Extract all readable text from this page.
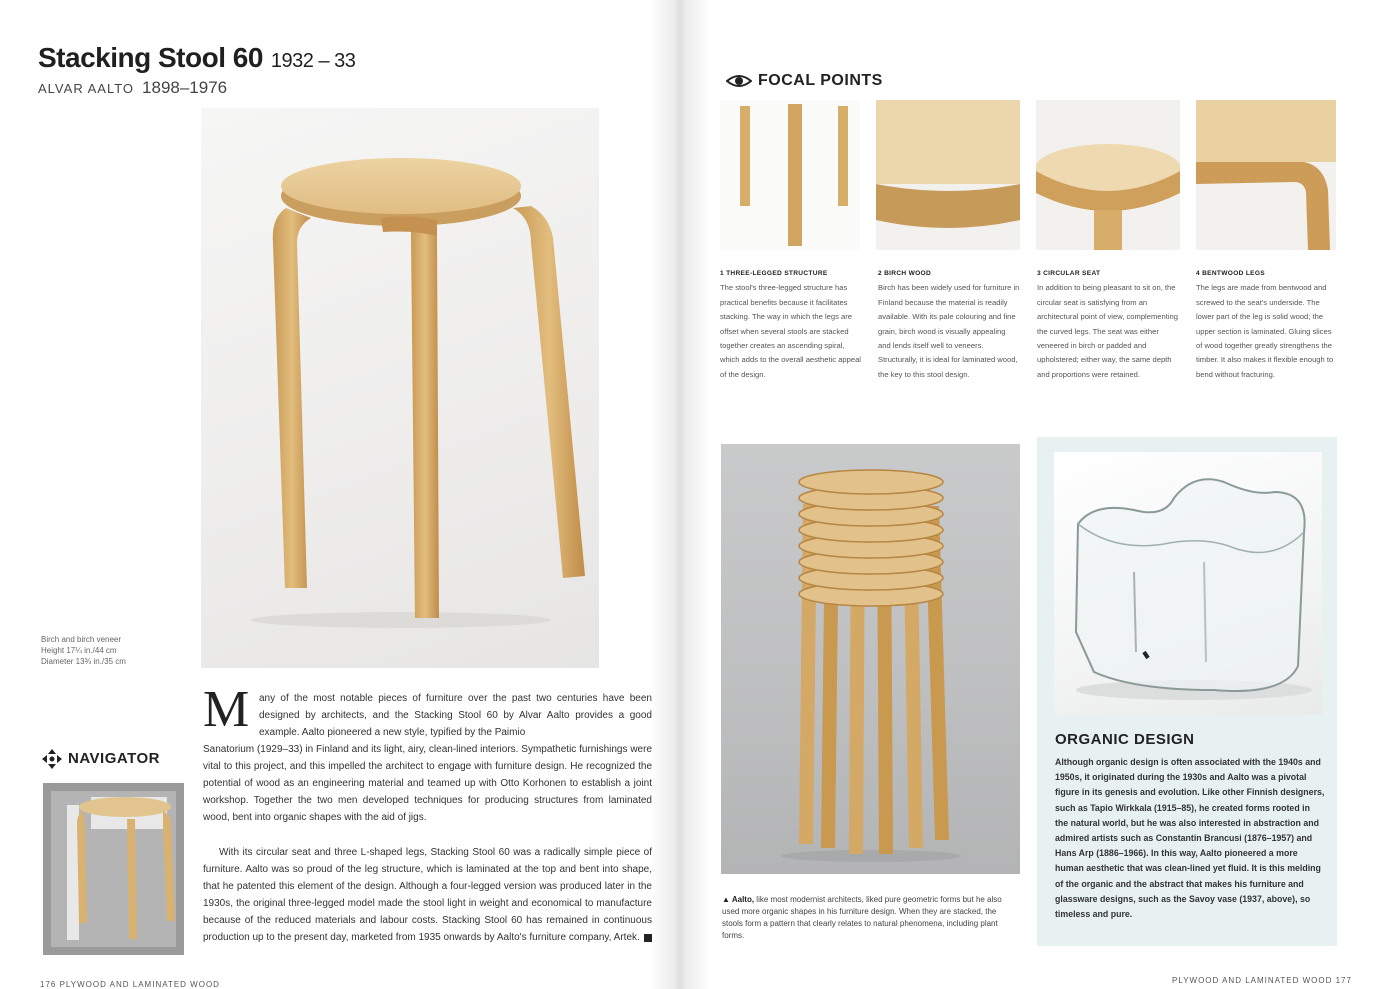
Stacking Stool 60 1932 – 33
ALVAR AALTO 1898–1976
Birch and birch veneer
Height 17¼ in./44 cm
Diameter 13¾ in./35 cm
NAVIGATOR
M any of the most notable pieces of furniture over the past two centuries have been designed by architects, and the Stacking Stool 60 by Alvar Aalto provides a good example. Aalto pioneered a new style, typified by the Paimio
Sanatorium (1929–33) in Finland and its light, airy, clean-lined interiors. Sympathetic furnishings were vital to this project, and this impelled the architect to engage with furniture design. He recognized the potential of wood as an engineering material and teamed up with Otto Korhonen to establish a joint workshop. Together the two men developed techniques for producing structures from laminated wood, bent into organic shapes with the aid of jigs.
With its circular seat and three L-shaped legs, Stacking Stool 60 was a radically simple piece of furniture. Aalto was so proud of the leg structure, which is laminated at the top and bent into shape, that he patented this element of the design. Although a four-legged version was produced later in the 1930s, the original three-legged model made the stool light in weight and economical to manufacture because of the reduced materials and labour costs. Stacking Stool 60 has remained in continuous production up to the present day, marketed from 1935 onwards by Aalto's furniture company, Artek.
176 PLYWOOD AND LAMINATED WOOD
FOCAL POINTS
1 THREE-LEGGED STRUCTURE
The stool's three-legged structure has practical benefits because it facilitates stacking. The way in which the legs are offset when several stools are stacked together creates an ascending spiral, which adds to the overall aesthetic appeal of the design.
2 BIRCH WOOD
Birch has been widely used for furniture in Finland because the material is readily available. With its pale colouring and fine grain, birch wood is visually appealing and lends itself well to veneers. Structurally, it is ideal for laminated wood, the key to this stool design.
3 CIRCULAR SEAT
In addition to being pleasant to sit on, the circular seat is satisfying from an architectural point of view, complementing the curved legs. The seat was either veneered in birch or padded and upholstered; either way, the same depth and proportions were retained.
4 BENTWOOD LEGS
The legs are made from bentwood and screwed to the seat's underside. The lower part of the leg is solid wood; the upper section is laminated. Gluing slices of wood together greatly strengthens the timber. It also makes it flexible enough to bend without fracturing.
▲ Aalto, like most modernist architects, liked pure geometric forms but he also used more organic shapes in his furniture design. When they are stacked, the stools form a pattern that clearly relates to natural phenomena, including plant forms.
ORGANIC DESIGN
Although organic design is often associated with the 1940s and 1950s, it originated during the 1930s and Aalto was a pivotal figure in its genesis and evolution. Like other Finnish designers, such as Tapio Wirkkala (1915–85), he created forms rooted in the natural world, but he was also interested in abstraction and admired artists such as Constantin Brancusi (1876–1957) and Hans Arp (1886–1966). In this way, Aalto pioneered a more human aesthetic that was clean-lined yet fluid. It is this melding of the organic and the abstract that makes his furniture and glassware designs, such as the Savoy vase (1937, above), so timeless and pure.
PLYWOOD AND LAMINATED WOOD 177
